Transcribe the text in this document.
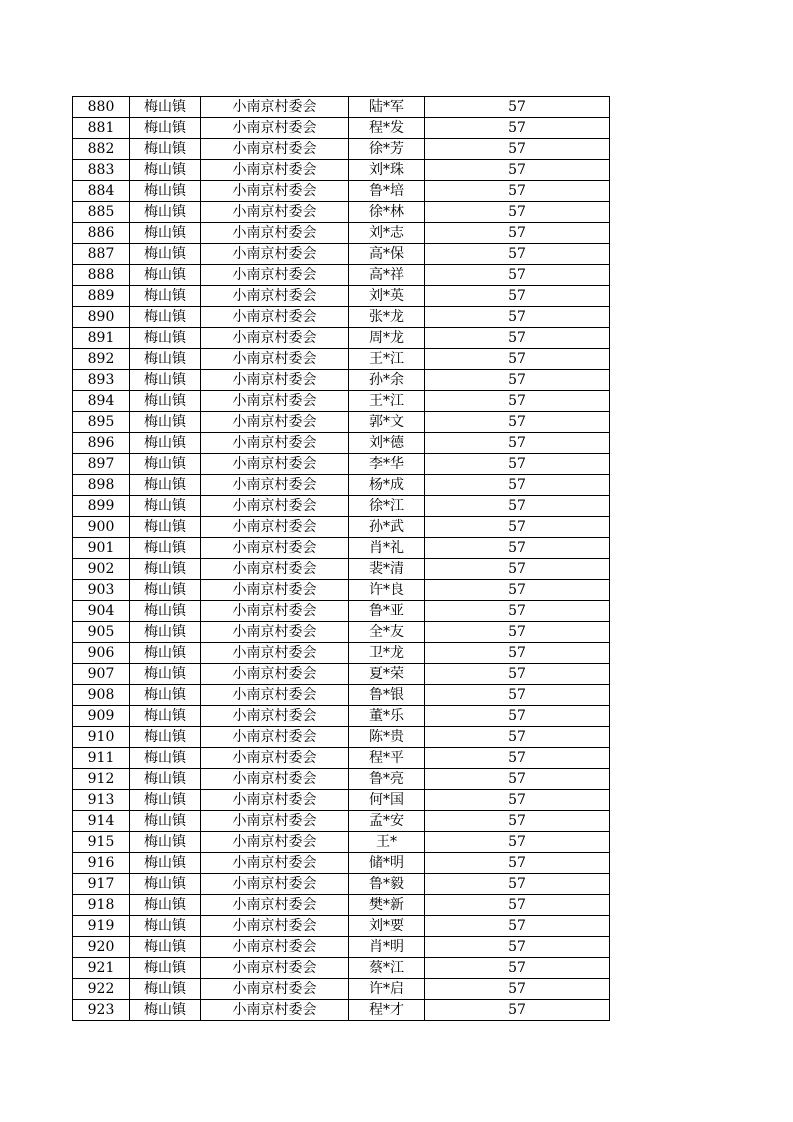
880	梅山镇	小南京村委会	陆*军	57
881	梅山镇	小南京村委会	程*发	57
882	梅山镇	小南京村委会	徐*芳	57
883	梅山镇	小南京村委会	刘*珠	57
884	梅山镇	小南京村委会	鲁*培	57
885	梅山镇	小南京村委会	徐*林	57
886	梅山镇	小南京村委会	刘*志	57
887	梅山镇	小南京村委会	高*保	57
888	梅山镇	小南京村委会	高*祥	57
889	梅山镇	小南京村委会	刘*英	57
890	梅山镇	小南京村委会	张*龙	57
891	梅山镇	小南京村委会	周*龙	57
892	梅山镇	小南京村委会	王*江	57
893	梅山镇	小南京村委会	孙*余	57
894	梅山镇	小南京村委会	王*江	57
895	梅山镇	小南京村委会	郭*文	57
896	梅山镇	小南京村委会	刘*德	57
897	梅山镇	小南京村委会	李*华	57
898	梅山镇	小南京村委会	杨*成	57
899	梅山镇	小南京村委会	徐*江	57
900	梅山镇	小南京村委会	孙*武	57
901	梅山镇	小南京村委会	肖*礼	57
902	梅山镇	小南京村委会	裴*清	57
903	梅山镇	小南京村委会	许*良	57
904	梅山镇	小南京村委会	鲁*亚	57
905	梅山镇	小南京村委会	全*友	57
906	梅山镇	小南京村委会	卫*龙	57
907	梅山镇	小南京村委会	夏*荣	57
908	梅山镇	小南京村委会	鲁*银	57
909	梅山镇	小南京村委会	董*乐	57
910	梅山镇	小南京村委会	陈*贵	57
911	梅山镇	小南京村委会	程*平	57
912	梅山镇	小南京村委会	鲁*亮	57
913	梅山镇	小南京村委会	何*国	57
914	梅山镇	小南京村委会	孟*安	57
915	梅山镇	小南京村委会	王*	57
916	梅山镇	小南京村委会	储*明	57
917	梅山镇	小南京村委会	鲁*毅	57
918	梅山镇	小南京村委会	樊*新	57
919	梅山镇	小南京村委会	刘*要	57
920	梅山镇	小南京村委会	肖*明	57
921	梅山镇	小南京村委会	蔡*江	57
922	梅山镇	小南京村委会	许*启	57
923	梅山镇	小南京村委会	程*才	57
